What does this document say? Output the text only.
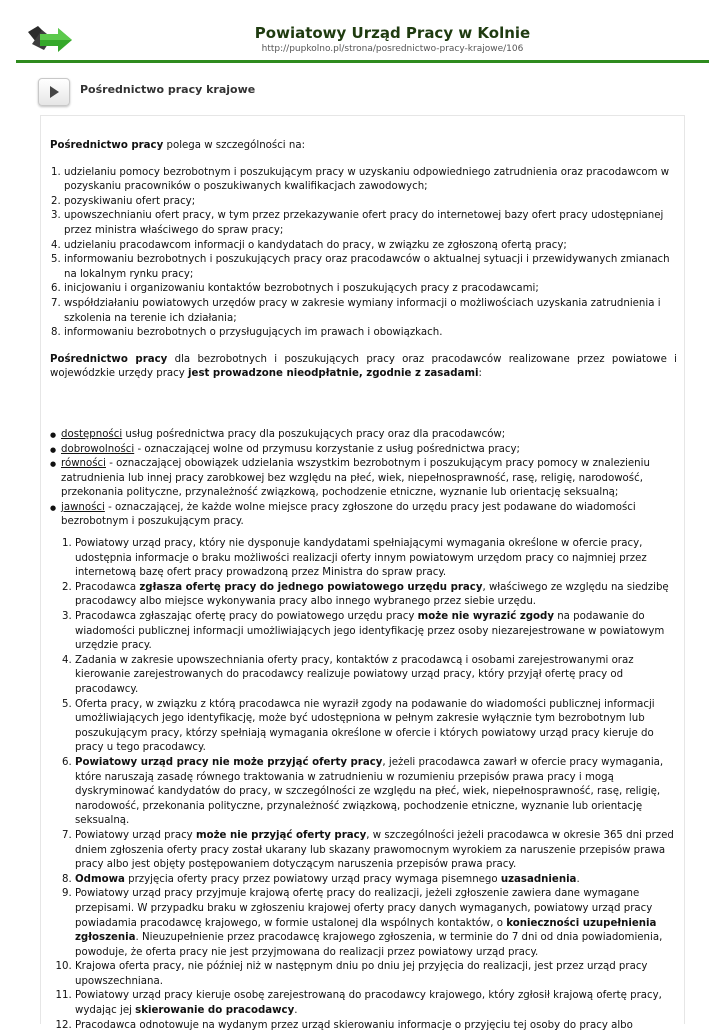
Powiatowy Urząd Pracy w Kolnie
http://pupkolno.pl/strona/posrednictwo-pracy-krajowe/106
Pośrednictwo pracy krajowe

Pośrednictwo pracy polega w szczególności na:

1. udzielaniu pomocy bezrobotnym i poszukującym pracy w uzyskaniu odpowiedniego zatrudnienia oraz pracodawcom w pozyskaniu pracowników o poszukiwanych kwalifikacjach zawodowych;
2. pozyskiwaniu ofert pracy;
3. upowszechnianiu ofert pracy, w tym przez przekazywanie ofert pracy do internetowej bazy ofert pracy udostępnianej przez ministra właściwego do spraw pracy;
4. udzielaniu pracodawcom informacji o kandydatach do pracy, w związku ze zgłoszoną ofertą pracy;
5. informowaniu bezrobotnych i poszukujących pracy oraz pracodawców o aktualnej sytuacji i przewidywanych zmianach na lokalnym rynku pracy;
6. inicjowaniu i organizowaniu kontaktów bezrobotnych i poszukujących pracy z pracodawcami;
7. współdziałaniu powiatowych urzędów pracy w zakresie wymiany informacji o możliwościach uzyskania zatrudnienia i szkolenia na terenie ich działania;
8. informowaniu bezrobotnych o przysługujących im prawach i obowiązkach.

Pośrednictwo pracy dla bezrobotnych i poszukujących pracy oraz pracodawców realizowane przez powiatowe i wojewódzkie urzędy pracy jest prowadzone nieodpłatnie, zgodnie z zasadami:

● dostępności usług pośrednictwa pracy dla poszukujących pracy oraz dla pracodawców;
● dobrowolności - oznaczającej wolne od przymusu korzystanie z usług pośrednictwa pracy;
● równości - oznaczającej obowiązek udzielania wszystkim bezrobotnym i poszukującym pracy pomocy w znalezieniu zatrudnienia lub innej pracy zarobkowej bez względu na płeć, wiek, niepełnosprawność, rasę, religię, narodowość, przekonania polityczne, przynależność związkową, pochodzenie etniczne, wyznanie lub orientację seksualną;
● jawności - oznaczającej, że każde wolne miejsce pracy zgłoszone do urzędu pracy jest podawane do wiadomości bezrobotnym i poszukującym pracy.
1. Powiatowy urząd pracy, który nie dysponuje kandydatami spełniającymi wymagania określone w ofercie pracy, udostępnia informacje o braku możliwości realizacji oferty innym powiatowym urzędom pracy co najmniej przez internetową bazę ofert pracy prowadzoną przez Ministra do spraw pracy.
2. Pracodawca zgłasza ofertę pracy do jednego powiatowego urzędu pracy, właściwego ze względu na siedzibę pracodawcy albo miejsce wykonywania pracy albo innego wybranego przez siebie urzędu.
3. Pracodawca zgłaszając ofertę pracy do powiatowego urzędu pracy może nie wyrazić zgody na podawanie do wiadomości publicznej informacji umożliwiających jego identyfikację przez osoby niezarejestrowane w powiatowym urzędzie pracy.
4. Zadania w zakresie upowszechniania oferty pracy, kontaktów z pracodawcą i osobami zarejestrowanymi oraz kierowanie zarejestrowanych do pracodawcy realizuje powiatowy urząd pracy, który przyjął ofertę pracy od pracodawcy.
5. Oferta pracy, w związku z którą pracodawca nie wyraził zgody na podawanie do wiadomości publicznej informacji umożliwiających jego identyfikację, może być udostępniona w pełnym zakresie wyłącznie tym bezrobotnym lub poszukującym pracy, którzy spełniają wymagania określone w ofercie i których powiatowy urząd pracy kieruje do pracy u tego pracodawcy.
6. Powiatowy urząd pracy nie może przyjąć oferty pracy, jeżeli pracodawca zawarł w ofercie pracy wymagania, które naruszają zasadę równego traktowania w zatrudnieniu w rozumieniu przepisów prawa pracy i mogą dyskryminować kandydatów do pracy, w szczególności ze względu na płeć, wiek, niepełnosprawność, rasę, religię, narodowość, przekonania polityczne, przynależność związkową, pochodzenie etniczne, wyznanie lub orientację seksualną.
7. Powiatowy urząd pracy może nie przyjąć oferty pracy, w szczególności jeżeli pracodawca w okresie 365 dni przed dniem zgłoszenia oferty pracy został ukarany lub skazany prawomocnym wyrokiem za naruszenie przepisów prawa pracy albo jest objęty postępowaniem dotyczącym naruszenia przepisów prawa pracy.
8. Odmowa przyjęcia oferty pracy przez powiatowy urząd pracy wymaga pisemnego uzasadnienia.
9. Powiatowy urząd pracy przyjmuje krajową ofertę pracy do realizacji, jeżeli zgłoszenie zawiera dane wymagane przepisami. W przypadku braku w zgłoszeniu krajowej oferty pracy danych wymaganych, powiatowy urząd pracy powiadamia pracodawcę krajowego, w formie ustalonej dla wspólnych kontaktów, o konieczności uzupełnienia zgłoszenia. Nieuzupełnienie przez pracodawcę krajowego zgłoszenia, w terminie do 7 dni od dnia powiadomienia, powoduje, że oferta pracy nie jest przyjmowana do realizacji przez powiatowy urząd pracy.
10. Krajowa oferta pracy, nie później niż w następnym dniu po dniu jej przyjęcia do realizacji, jest przez urząd pracy upowszechniana.
11. Powiatowy urząd pracy kieruje osobę zarejestrowaną do pracodawcy krajowego, który zgłosił krajową ofertę pracy, wydając jej skierowanie do pracodawcy.
12. Pracodawca odnotowuje na wydanym przez urząd skierowaniu informacje o przyjęciu tej osoby do pracy albo
